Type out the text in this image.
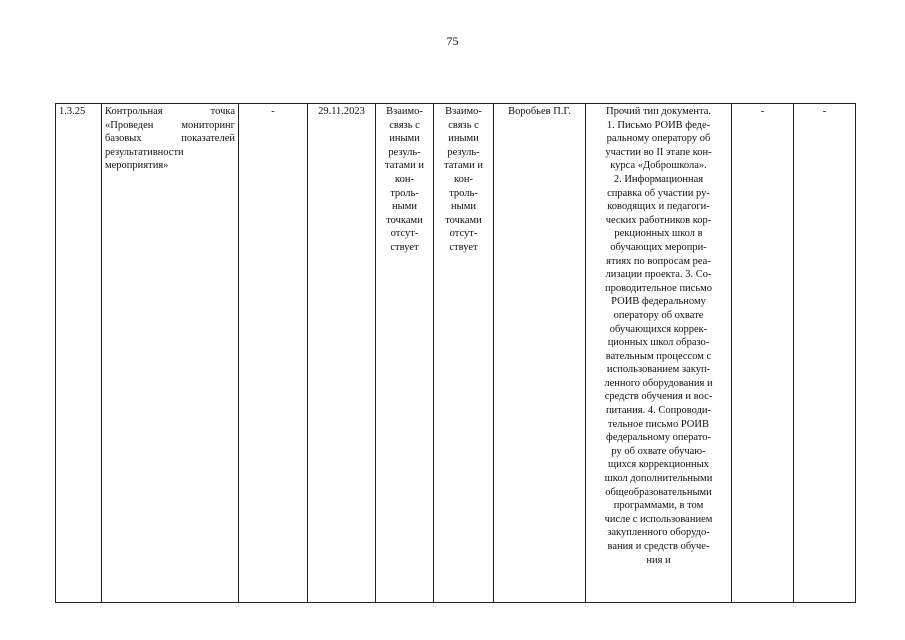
75
1.3.25	Контрольная точка «Проведен мониторинг базовых показателей результативности мероприятия»	-	29.11.2023	Взаимо-
связь с
иными
резуль-
татами и
кон-
троль-
ными
точками
отсут-
ствует	Взаимо-
связь с
иными
резуль-
татами и
кон-
троль-
ными
точками
отсут-
ствует	Воробьев П.Г.	Прочий тип документа.
1. Письмо РОИВ феде-
ральному оператору об
участии во II этапе кон-
курса «Доброшкола».
2. Информационная
справка об участии ру-
ководящих и педагоги-
ческих работников кор-
рекционных школ в
обучающих меропри-
ятиях по вопросам реа-
лизации проекта. 3. Со-
проводительное письмо
РОИВ федеральному
оператору об охвате
обучающихся коррек-
ционных школ образо-
вательным процессом с
использованием закуп-
ленного оборудования и
средств обучения и вос-
питания. 4. Сопроводи-
тельное письмо РОИВ
федеральному операто-
ру об охвате обучаю-
щихся коррекционных
школ дополнительными
общеобразовательными
программами, в том
числе с использованием
закупленного оборудо-
вания и средств обуче-
ния и	-	-
